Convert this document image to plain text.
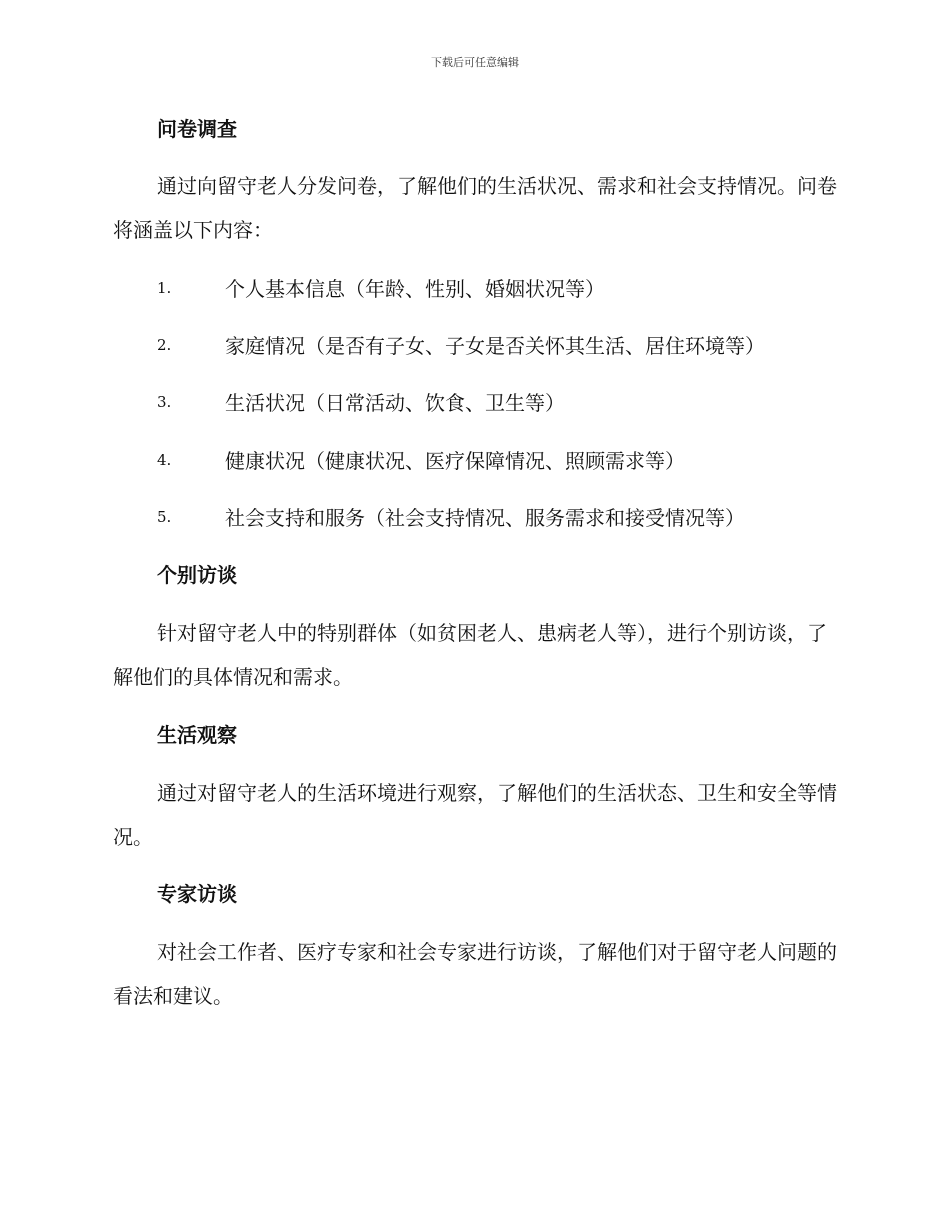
下载后可任意编辑
问卷调查

通过向留守老人分发问卷，了解他们的生活状况、需求和社会支持情况。问卷将涵盖以下内容：

1.	个人基本信息（年龄、性别、婚姻状况等）
2.	家庭情况（是否有子女、子女是否关怀其生活、居住环境等）
3.	生活状况（日常活动、饮食、卫生等）
4.	健康状况（健康状况、医疗保障情况、照顾需求等）
5.	社会支持和服务（社会支持情况、服务需求和接受情况等）
个别访谈

针对留守老人中的特别群体（如贫困老人、患病老人等），进行个别访谈，了解他们的具体情况和需求。

生活观察

通过对留守老人的生活环境进行观察，了解他们的生活状态、卫生和安全等情况。

专家访谈

对社会工作者、医疗专家和社会专家进行访谈，了解他们对于留守老人问题的看法和建议。
